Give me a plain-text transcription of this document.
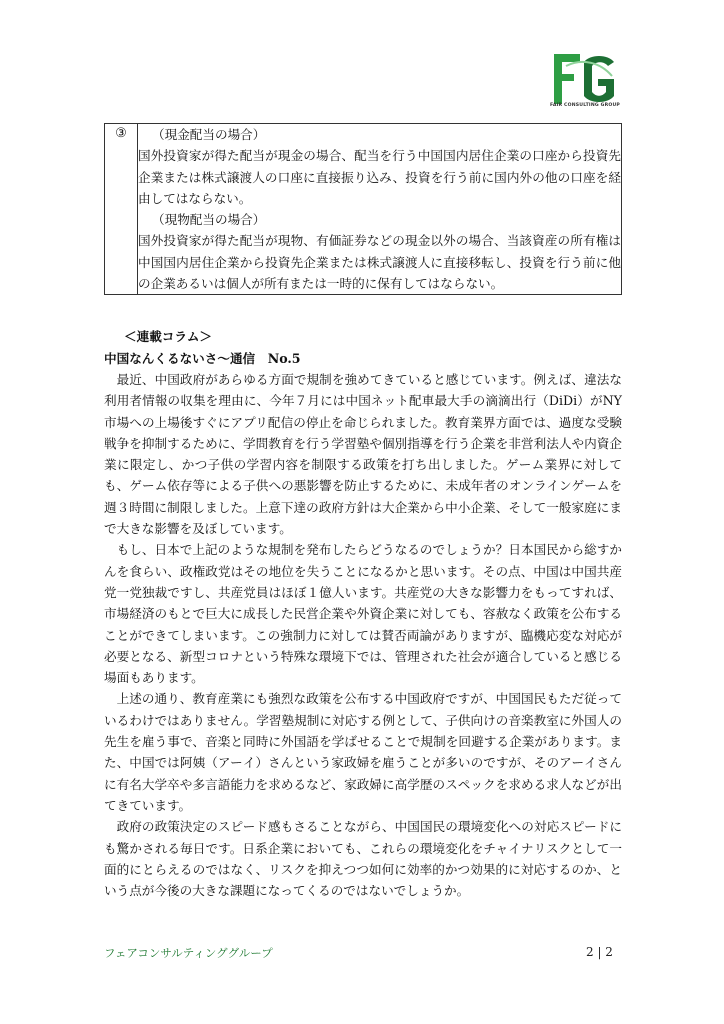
FAIR CONSULTING GROUP
③	（現金配当の場合）

国外投資家が得た配当が現金の場合、配当を行う中国国内居住企業の口座から投資先企業または株式譲渡人の口座に直接振り込み、投資を行う前に国内外の他の口座を経由してはならない。

（現物配当の場合）

国外投資家が得た配当が現物、有価証券などの現金以外の場合、当該資産の所有権は中国国内居住企業から投資先企業または株式譲渡人に直接移転し、投資を行う前に他の企業あるいは個人が所有または一時的に保有してはならない。

＜連載コラム＞
中国なんくるないさ～通信　No.5

最近、中国政府があらゆる方面で規制を強めてきていると感じています。例えば、違法な利用者情報の収集を理由に、今年７月には中国ネット配車最大手の滴滴出行（DiDi）がNY市場への上場後すぐにアプリ配信の停止を命じられました。教育業界方面では、過度な受験戦争を抑制するために、学問教育を行う学習塾や個別指導を行う企業を非営利法人や内資企業に限定し、かつ子供の学習内容を制限する政策を打ち出しました。ゲーム業界に対しても、ゲーム依存等による子供への悪影響を防止するために、未成年者のオンラインゲームを週３時間に制限しました。上意下達の政府方針は大企業から中小企業、そして一般家庭にまで大きな影響を及ぼしています。

もし、日本で上記のような規制を発布したらどうなるのでしょうか？日本国民から総すかんを食らい、政権政党はその地位を失うことになるかと思います。その点、中国は中国共産党一党独裁ですし、共産党員はほぼ１億人います。共産党の大きな影響力をもってすれば、市場経済のもとで巨大に成長した民営企業や外資企業に対しても、容赦なく政策を公布することができてしまいます。この強制力に対しては賛否両論がありますが、臨機応変な対応が必要となる、新型コロナという特殊な環境下では、管理された社会が適合していると感じる場面もあります。

上述の通り、教育産業にも強烈な政策を公布する中国政府ですが、中国国民もただ従っているわけではありません。学習塾規制に対応する例として、子供向けの音楽教室に外国人の先生を雇う事で、音楽と同時に外国語を学ばせることで規制を回避する企業があります。また、中国では阿姨（アーイ）さんという家政婦を雇うことが多いのですが、そのアーイさんに有名大学卒や多言語能力を求めるなど、家政婦に高学歴のスペックを求める求人などが出てきています。

政府の政策決定のスピード感もさることながら、中国国民の環境変化への対応スピードにも驚かされる毎日です。日系企業においても、これらの環境変化をチャイナリスクとして一面的にとらえるのではなく、リスクを抑えつつ如何に効率的かつ効果的に対応するのか、という点が今後の大きな課題になってくるのではないでしょうか。

フェアコンサルティンググループ	2 | 2
